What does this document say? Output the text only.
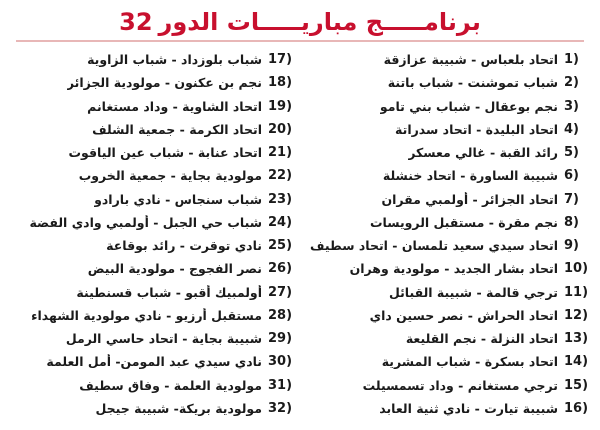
برنامـــــج مباريـــــات الدور
32
17)
شباب بلوزداد - شباب الزاوية
18)
نجم بن عكنون - مولودية الجزائر
19)
اتحاد الشاوية - وداد مستغانم
20)
اتحاد الكرمة - جمعية الشلف
21)
اتحاد عنابة - شباب عين الياقوت
22)
مولودية بجاية - جمعية الخروب
23)
شباب سنجاس - نادي بارادو
24)
شباب حي الجبل - أولمبي وادي الفضة
25)
نادي توقرت - رائد بوقاعة
26)
نصر الفجوج - مولودية البيض
27)
أولمبيك أقبو - شباب قسنطينة
28)
مستقبل أرزيو - نادي مولودية الشهداء
29)
شبيبة بجاية - اتحاد حاسي الرمل
30)
نادي سيدي عبد المومن- أمل العلمة
31)
مولودية العلمة - وفاق سطيف
32)
مولودية بريكة- شبيبة جيجل
1)
اتحاد بلعباس - شبيبة عزازقة
2)
شباب تموشنت - شباب باتنة
3)
نجم بوعقال - شباب بني تامو
4)
اتحاد البليدة - اتحاد سدراتة
5)
رائد القبة - غالي معسكر
6)
شبيبة الساورة - اتحاد خنشلة
7)
اتحاد الجزائر - أولمبي مقران
8)
نجم مقرة - مستقبل الرويسات
9)
اتحاد سيدي سعيد تلمسان - اتحاد سطيف
10)
اتحاد بشار الجديد - مولودية وهران
11)
ترجي قالمة - شبيبة القبائل
12)
اتحاد الحراش - نصر حسين داي
13)
اتحاد النزلة - نجم القليعة
14)
اتحاد بسكرة - شباب المشرية
15)
ترجي مستغانم - وداد تسمسيلت
16)
شبيبة تيارت - نادي ثنية العابد
